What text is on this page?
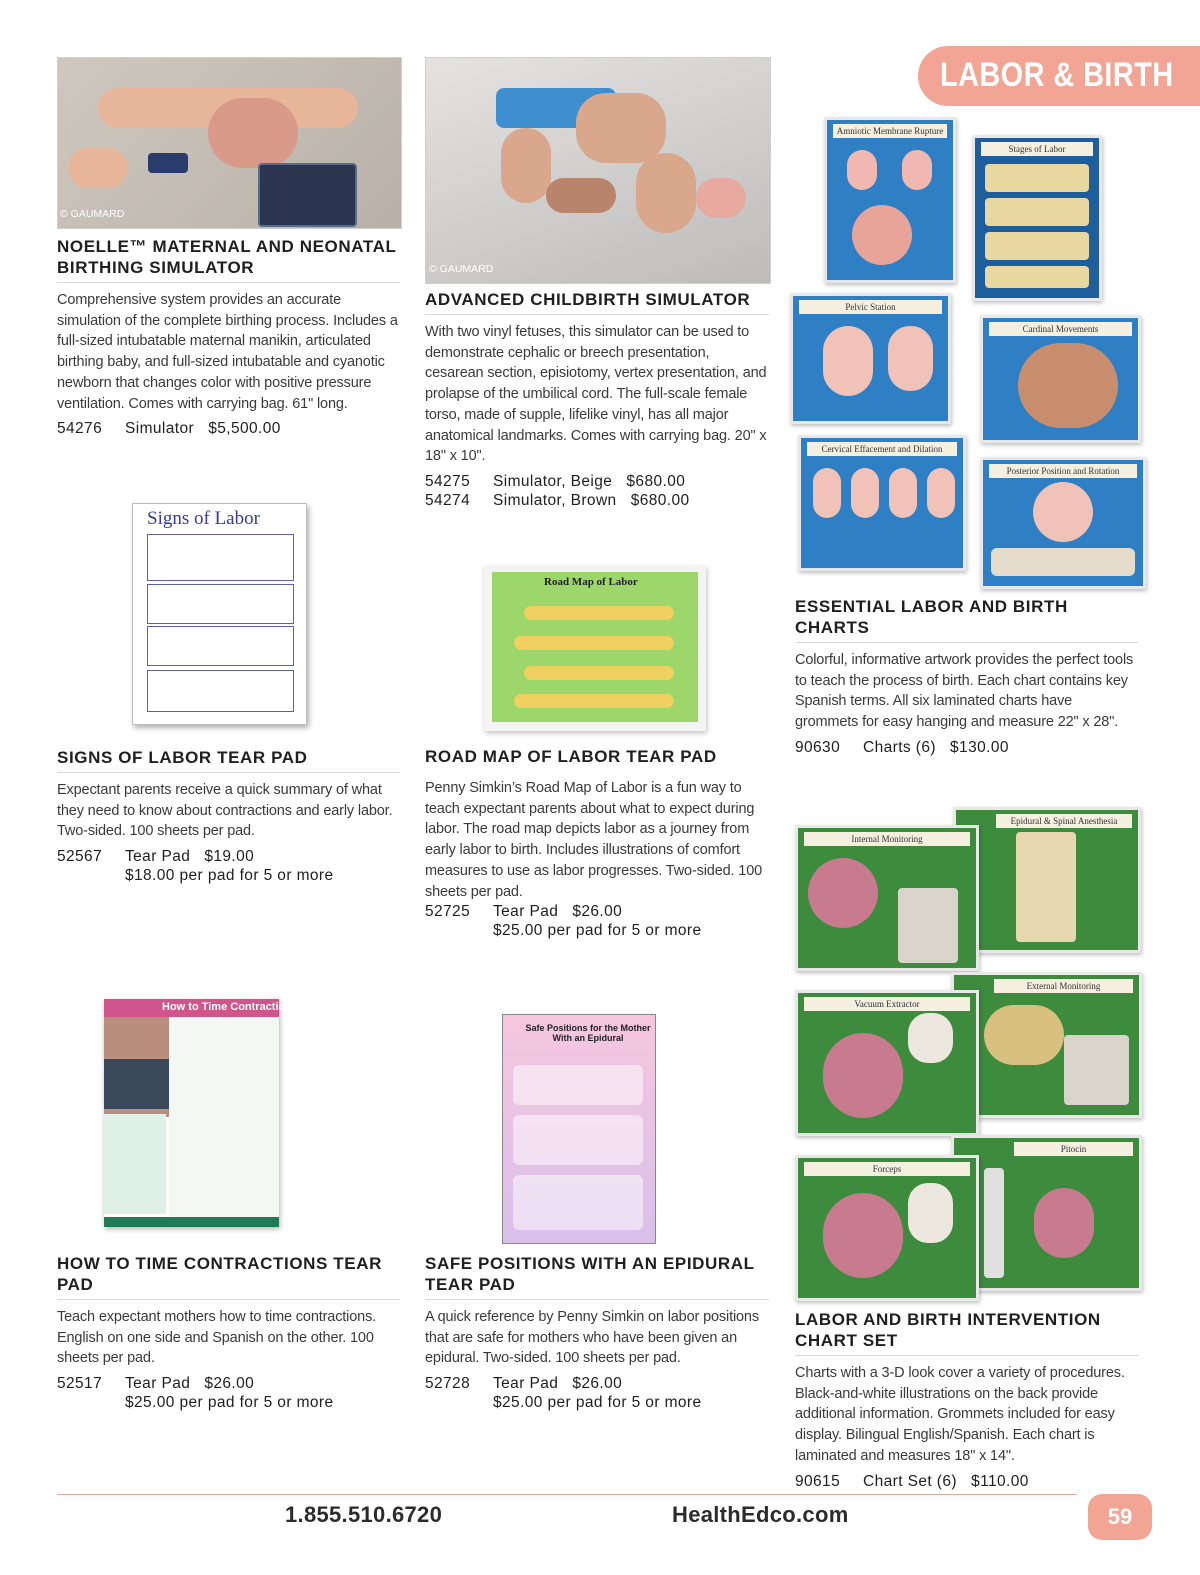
LABOR & BIRTH
© GAUMARD
© GAUMARD
NOELLE™ MATERNAL AND NEONATAL BIRTHING SIMULATOR
Comprehensive system provides an accurate simulation of the complete birthing process. Includes a full-sized intubatable maternal manikin, articulated birthing baby, and full-sized intubatable and cyanotic newborn that changes color with positive pressure ventilation. Comes with carrying bag. 61" long.
54276 Simulator $5,500.00
ADVANCED CHILDBIRTH SIMULATOR
With two vinyl fetuses, this simulator can be used to demonstrate cephalic or breech presentation, cesarean section, episiotomy, vertex presentation, and prolapse of the umbilical cord. The full-scale female torso, made of supple, lifelike vinyl, has all major anatomical landmarks. Comes with carrying bag. 20" x 18" x 10".
54275 Simulator, Beige $680.00
54274 Simulator, Brown $680.00
Amniotic Membrane Rupture
Stages of Labor
Pelvic Station
Cardinal Movements
Cervical Effacement and Dilation
Posterior Position and Rotation
ESSENTIAL LABOR AND BIRTH CHARTS
Colorful, informative artwork provides the perfect tools to teach the process of birth. Each chart contains key Spanish terms. All six laminated charts have grommets for easy hanging and measure 22" x 28".
90630 Charts (6) $130.00
Signs of Labor
Road Map of Labor
SIGNS OF LABOR TEAR PAD
Expectant parents receive a quick summary of what they need to know about contractions and early labor. Two-sided. 100 sheets per pad.
52567 Tear Pad $19.00
$18.00 per pad for 5 or more
ROAD MAP OF LABOR TEAR PAD
Penny Simkin’s Road Map of Labor is a fun way to teach expectant parents about what to expect during labor. The road map depicts labor as a journey from early labor to birth. Includes illustrations of comfort measures to use as labor progresses. Two-sided. 100 sheets per pad.
52725 Tear Pad $26.00
$25.00 per pad for 5 or more
Epidural & Spinal Anesthesia
Internal Monitoring
External Monitoring
Vacuum Extractor
Pitocin
Forceps
How to Time Contractions
Safe Positions for the Mother With an Epidural
HOW TO TIME CONTRACTIONS TEAR PAD
Teach expectant mothers how to time contractions. English on one side and Spanish on the other. 100 sheets per pad.
52517 Tear Pad $26.00
$25.00 per pad for 5 or more
SAFE POSITIONS WITH AN EPIDURAL TEAR PAD
A quick reference by Penny Simkin on labor positions that are safe for mothers who have been given an epidural. Two-sided. 100 sheets per pad.
52728 Tear Pad $26.00
$25.00 per pad for 5 or more
LABOR AND BIRTH INTERVENTION CHART SET
Charts with a 3-D look cover a variety of procedures. Black-and-white illustrations on the back provide additional information. Grommets included for easy display. Bilingual English/Spanish. Each chart is laminated and measures 18" x 14".
90615 Chart Set (6) $110.00
1.855.510.6720	HealthEdco.com	59
